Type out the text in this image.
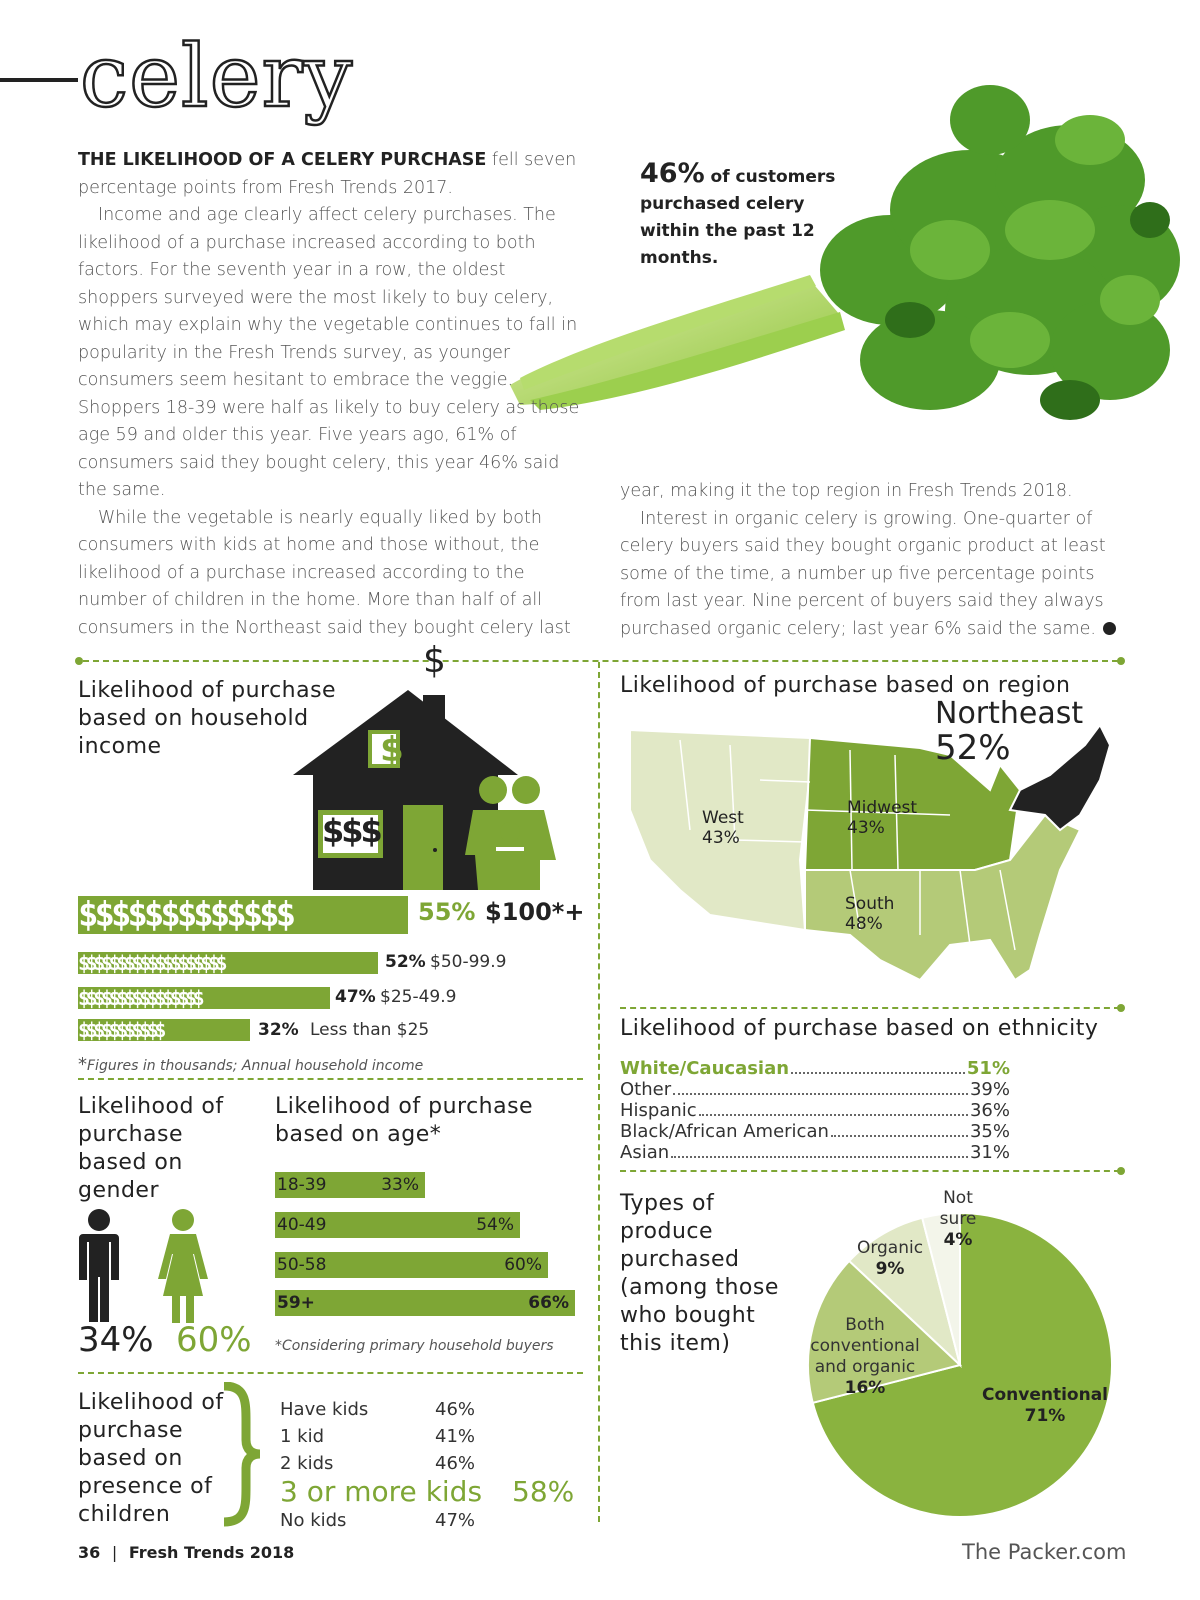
celery
46% of customers
purchased celery within the past 12 months.

THE LIKELIHOOD OF A CELERY PURCHASE fell seven percentage points from Fresh Trends 2017.

Income and age clearly affect celery purchases. The likelihood of a purchase increased according to both factors. For the seventh year in a row, the oldest shoppers surveyed were the most likely to buy celery, which may explain why the vegetable continues to fall in popularity in the Fresh Trends survey, as younger consumers seem hesitant to embrace the veggie. Shoppers 18-39 were half as likely to buy celery as those age 59 and older this year. Five years ago, 61% of consumers said they bought celery, this year 46% said the same.

While the vegetable is nearly equally liked by both consumers with kids at home and those without, the likelihood of a purchase increased according to the number of children in the home. More than half of all consumers in the Northeast said they bought celery last

year, making it the top region in Fresh Trends 2018.

Interest in organic celery is growing. One-quarter of celery buyers said they bought organic product at least some of the time, a number up five percentage points from last year. Nine percent of buyers said they always purchased organic celery; last year 6% said the same.

Likelihood of purchase based on household income
$
$
$$$
$$$$$$$$$$$$$	55% $100*+
$$$$$$$$$$$$$$$$$$$	52% $50-99.9
$$$$$$$$$$$$$$$$	47% $25-49.9
$$$$$$$$$$$	32% Less than $25
*Figures in thousands; Annual household income
Likelihood of purchase based on gender
34% 60%
Likelihood of purchase based on age*
18-39	33%
40-49	54%
50-58	60%
59+	66%
*Considering primary household buyers
Likelihood of purchase based on presence of children
Have kids	46%
1 kid	41%
2 kids	46%
3 or more kids 58%
No kids	47%
Likelihood of purchase based on region
Northeast
52%
Midwest
43%
West
43%
South
48%
Likelihood of purchase based on ethnicity
White/Caucasian	51%
Other	39%
Hispanic	36%
Black/African American	35%
Asian	31%
Types of produce purchased (among those who bought this item)
Not sure
4%
Organic
9%
Both conventional and organic
16%	Conventional
71%
36 | Fresh Trends 2018	The Packer.com
